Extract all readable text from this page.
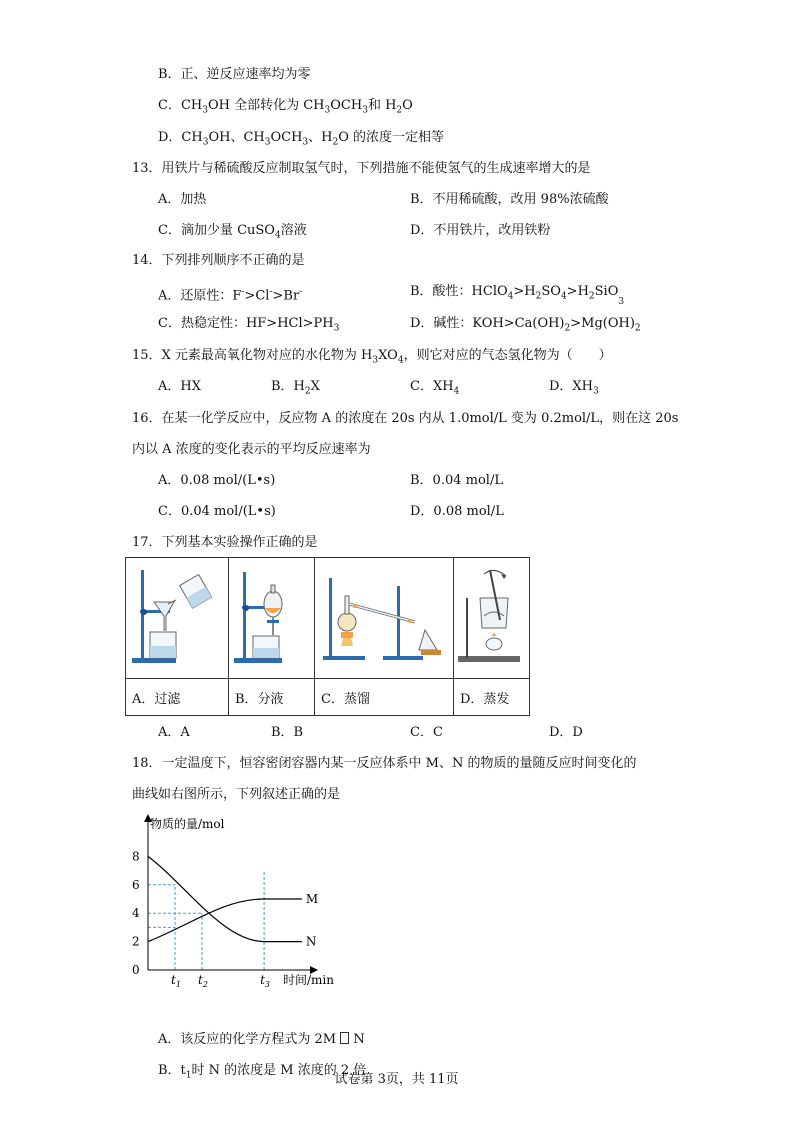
B．正、逆反应速率均为零
C．$CH_3OH$ 全部转化为 $CH_3OCH_3$和 $H_2O$
D．$CH_3OH$、$CH_3OCH_3$、$H_2O$ 的浓度一定相等
13．用铁片与稀硫酸反应制取氢气时，下列措施不能使氢气的生成速率增大的是
A．加热	B．不用稀硫酸，改用 98%浓硫酸
C．滴加少量 CuSO$_4$溶液	D．不用铁片，改用铁粉
14．下列排列顺序不正确的是
A．还原性：F->Cl->Br-	B．酸性：$HClO_4>H_2SO_4>H_2SiO_3$
C．热稳定性：$HF>HCl>PH_3$	D．碱性：$KOH>Ca(OH)_2>Mg(OH)_2$
15．X 元素最高氧化物对应的水化物为 $H_3XO_4$，则它对应的气态氢化物为（　　）
A．HX	B．$H_2X$	C．$XH_4$	D．$XH_3$
16．在某一化学反应中，反应物 A 的浓度在 20s 内从 1.0mol/L 变为 0.2mol/L，则在这 20s
内以 A 浓度的变化表示的平均反应速率为
A．0.08 mol/(L•s)	B．0.04 mol/L
C．0.04 mol/(L•s)	D．0.08 mol/L
17．下列基本实验操作正确的是

A．过滤	B．分液	C．蒸馏	D．蒸发
A．A	B．B	C．C	D．D
18．一定温度下，恒容密闭容器内某一反应体系中 M、N 的物质的量随反应时间变化的
曲线如右图所示，下列叙述正确的是
物质的量/mol
时间/min
8
6
4
2
0
$t_1$ $t_2$	$t_3$
M
N
A．该反应的化学方程式为 2M N
B．$t_1$时 N 的浓度是 M 浓度的 2 倍
试卷第 3页，共 11页
